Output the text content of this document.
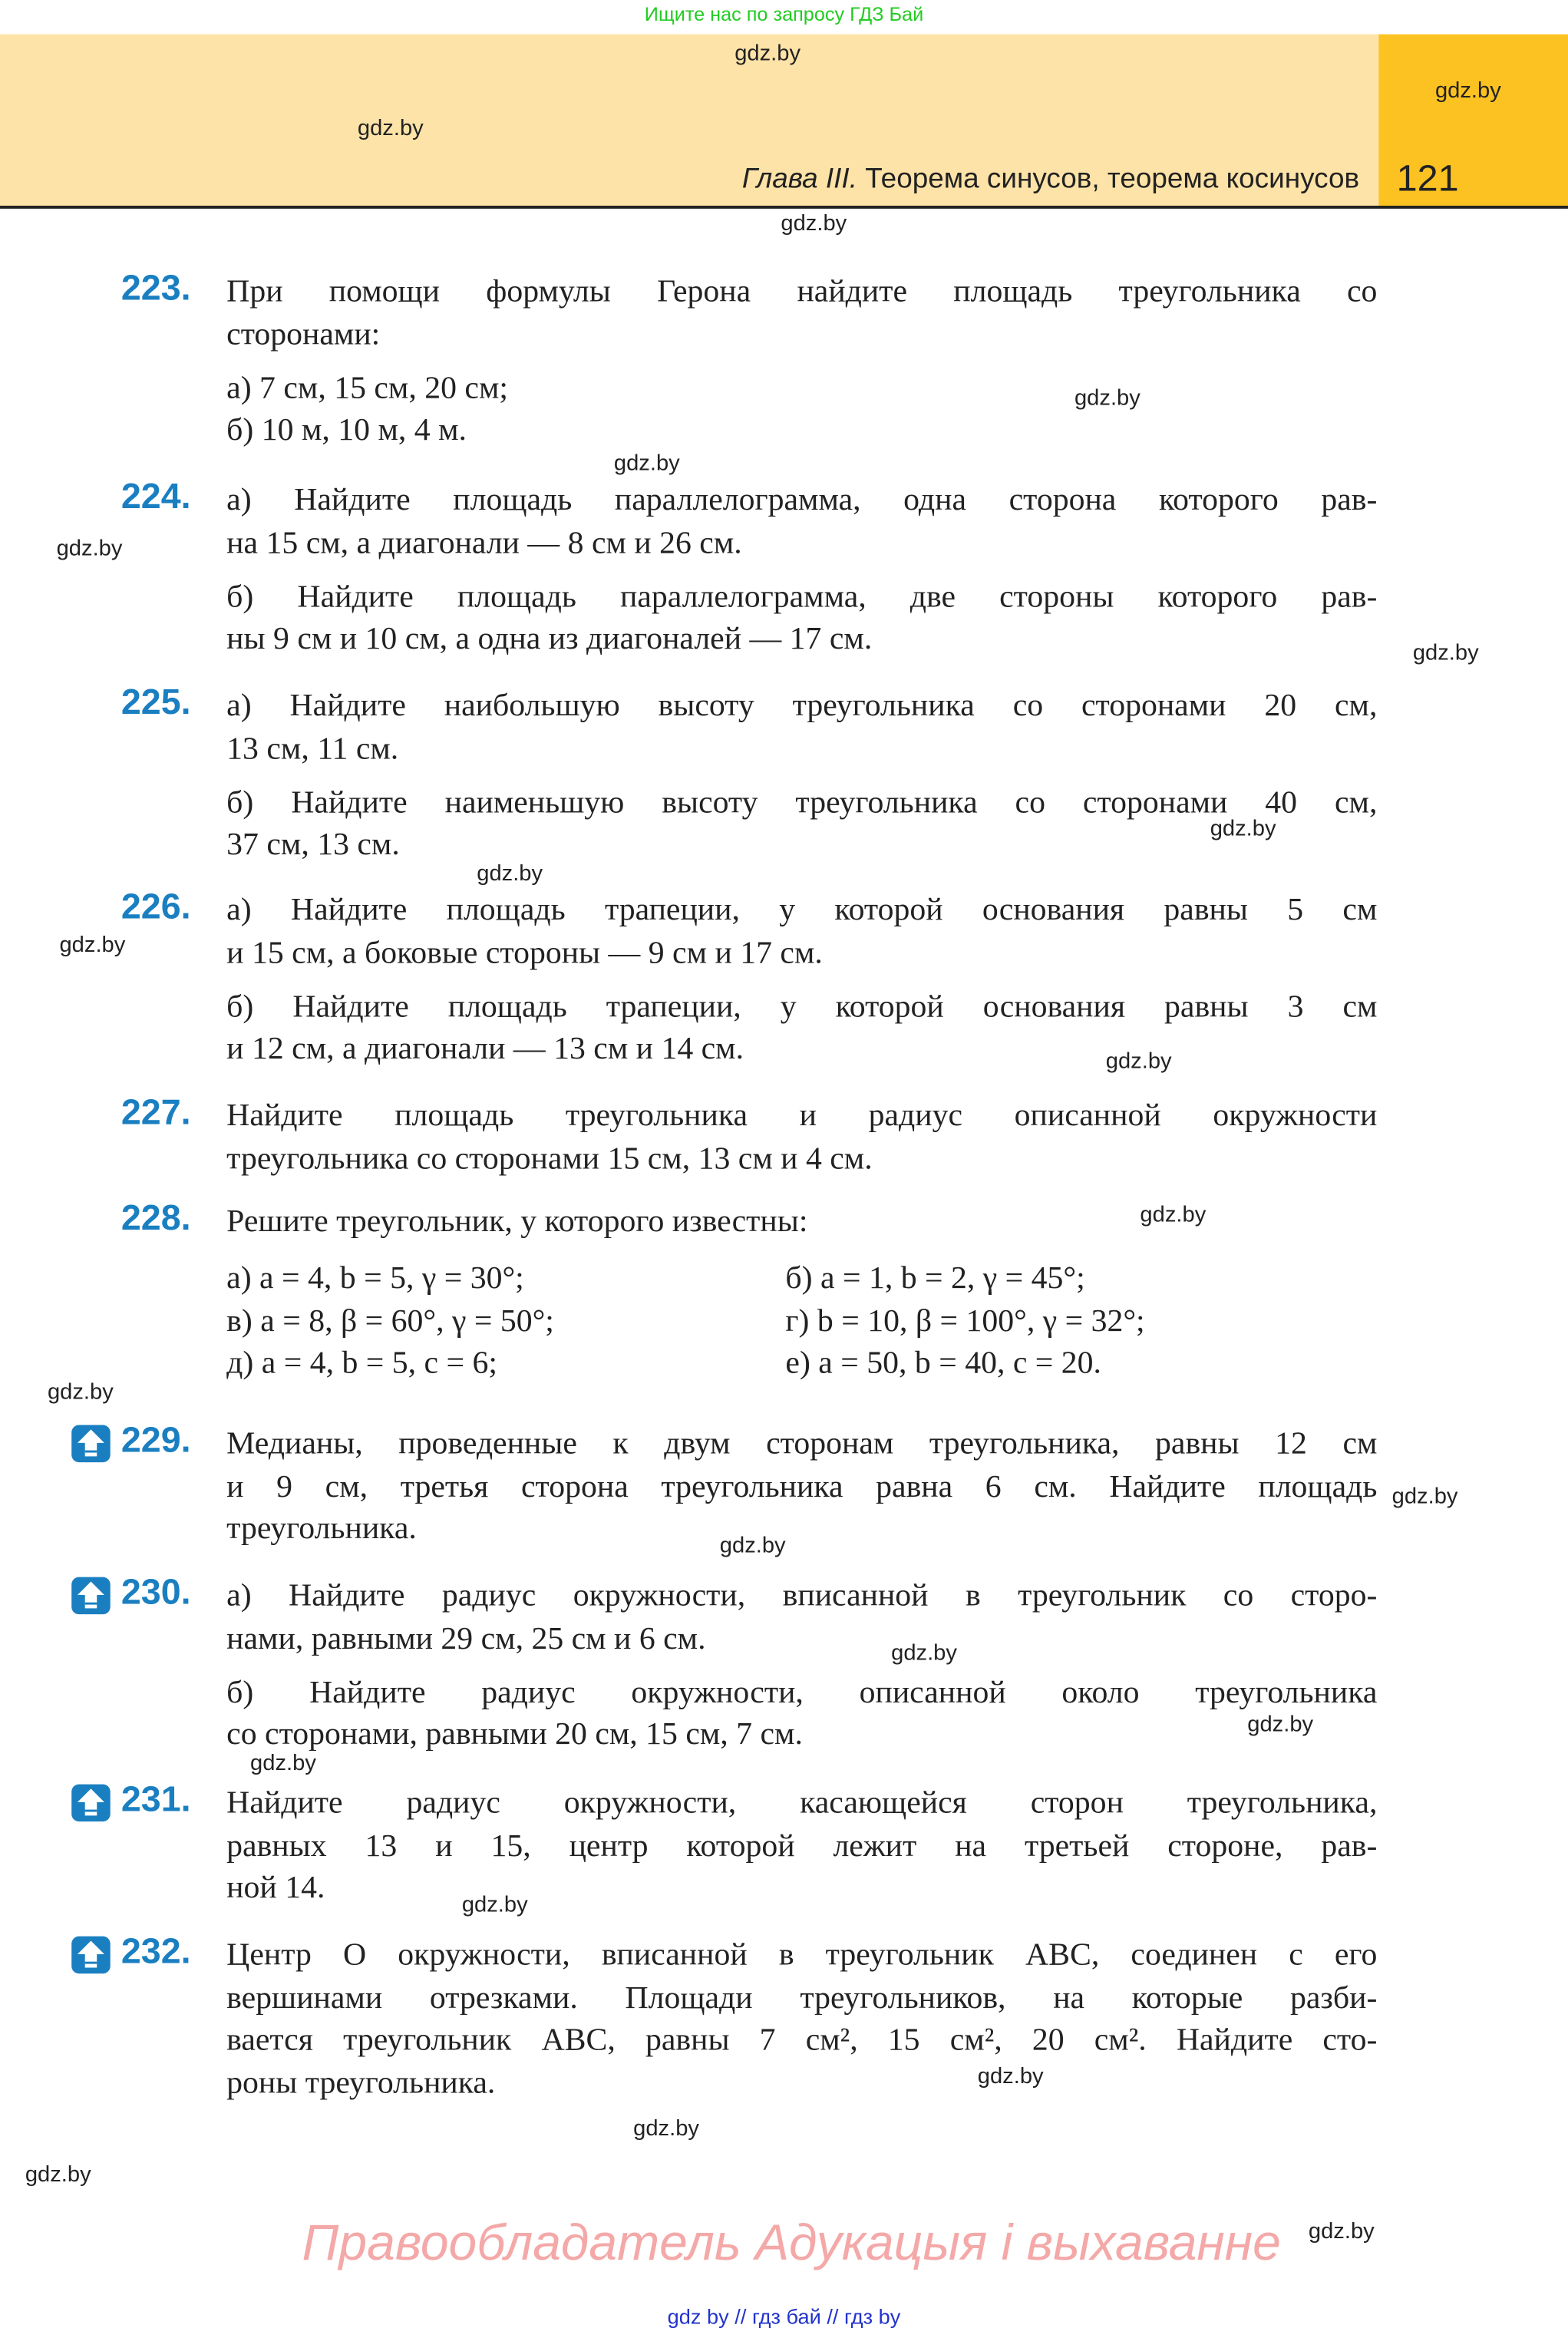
Ищите нас по запросу ГДЗ Бай
Глава III. Теорема синусов, теорема косинусов 121
223. При помощи формулы Герона найдите площадь треугольника со
сторонами:
а) 7 см, 15 см, 20 см;
б) 10 м, 10 м, 4 м.
224. а) Найдите площадь параллелограмма, одна сторона которого рав-
на 15 см, а диагонали — 8 см и 26 см.
б) Найдите площадь параллелограмма, две стороны которого рав-
ны 9 см и 10 см, а одна из диагоналей — 17 см.
225. а) Найдите наибольшую высоту треугольника со сторонами 20 см,
13 см, 11 см.
б) Найдите наименьшую высоту треугольника со сторонами 40 см,
37 см, 13 см.
226. а) Найдите площадь трапеции, у которой основания равны 5 см
и 15 см, а боковые стороны — 9 см и 17 см.
б) Найдите площадь трапеции, у которой основания равны 3 см
и 12 см, а диагонали — 13 см и 14 см.
227. Найдите площадь треугольника и радиус описанной окружности
треугольника со сторонами 15 см, 13 см и 4 см.
228. Решите треугольник, у которого известны:
а) a = 4, b = 5, γ = 30°;	б) a = 1, b = 2, γ = 45°;
в) a = 8, β = 60°, γ = 50°;	г) b = 10, β = 100°, γ = 32°;
д) a = 4, b = 5, c = 6;	е) a = 50, b = 40, c = 20.
229. Медианы, проведенные к двум сторонам треугольника, равны 12 см
и 9 см, третья сторона треугольника равна 6 см. Найдите площадь
треугольника.
230. а) Найдите радиус окружности, вписанной в треугольник со сторо-
нами, равными 29 см, 25 см и 6 см.
б) Найдите радиус окружности, описанной около треугольника
со сторонами, равными 20 см, 15 см, 7 см.
231. Найдите радиус окружности, касающейся сторон треугольника,
равных 13 и 15, центр которой лежит на третьей стороне, рав-
ной 14.
232. Центр O окружности, вписанной в треугольник ABC, соединен с его
вершинами отрезками. Площади треугольников, на которые разби-
вается треугольник ABC, равны 7 см², 15 см², 20 см². Найдите сто-
роны треугольника.
gdz.by
gdz.by
gdz.by
gdz.by
gdz.by
gdz.by
gdz.by
gdz.by
gdz.by
gdz.by
gdz.by
gdz.by
gdz.by
gdz.by
gdz.by
gdz.by
gdz.by
gdz.by
gdz.by
gdz.by
gdz.by
gdz.by
gdz.by
gdz.by
Правообладатель Адукацыя і выхаванне
gdz by // гдз бай // гдз by
